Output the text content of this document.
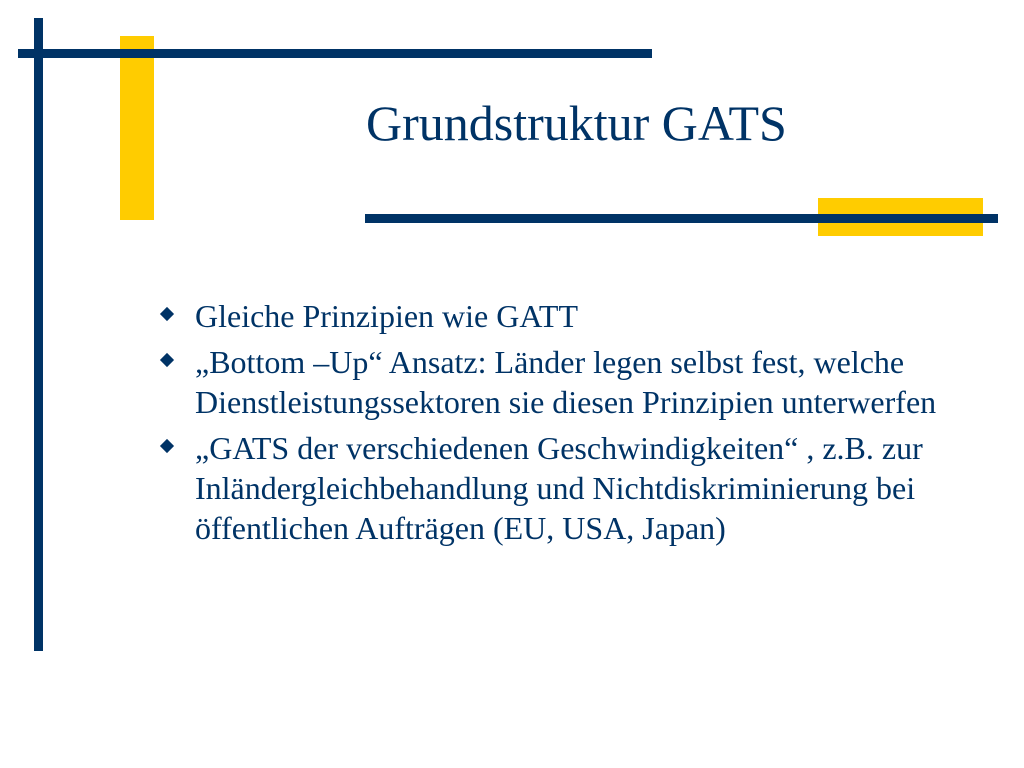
Grundstruktur GATS
Gleiche Prinzipien wie GATT
„Bottom –Up“ Ansatz: Länder legen selbst fest, welche Dienstleistungssektoren sie diesen Prinzipien unterwerfen
„GATS der verschiedenen Geschwindigkeiten“ , z.B. zur Inländergleichbehandlung und Nichtdiskriminierung bei öffentlichen Aufträgen (EU, USA, Japan)
